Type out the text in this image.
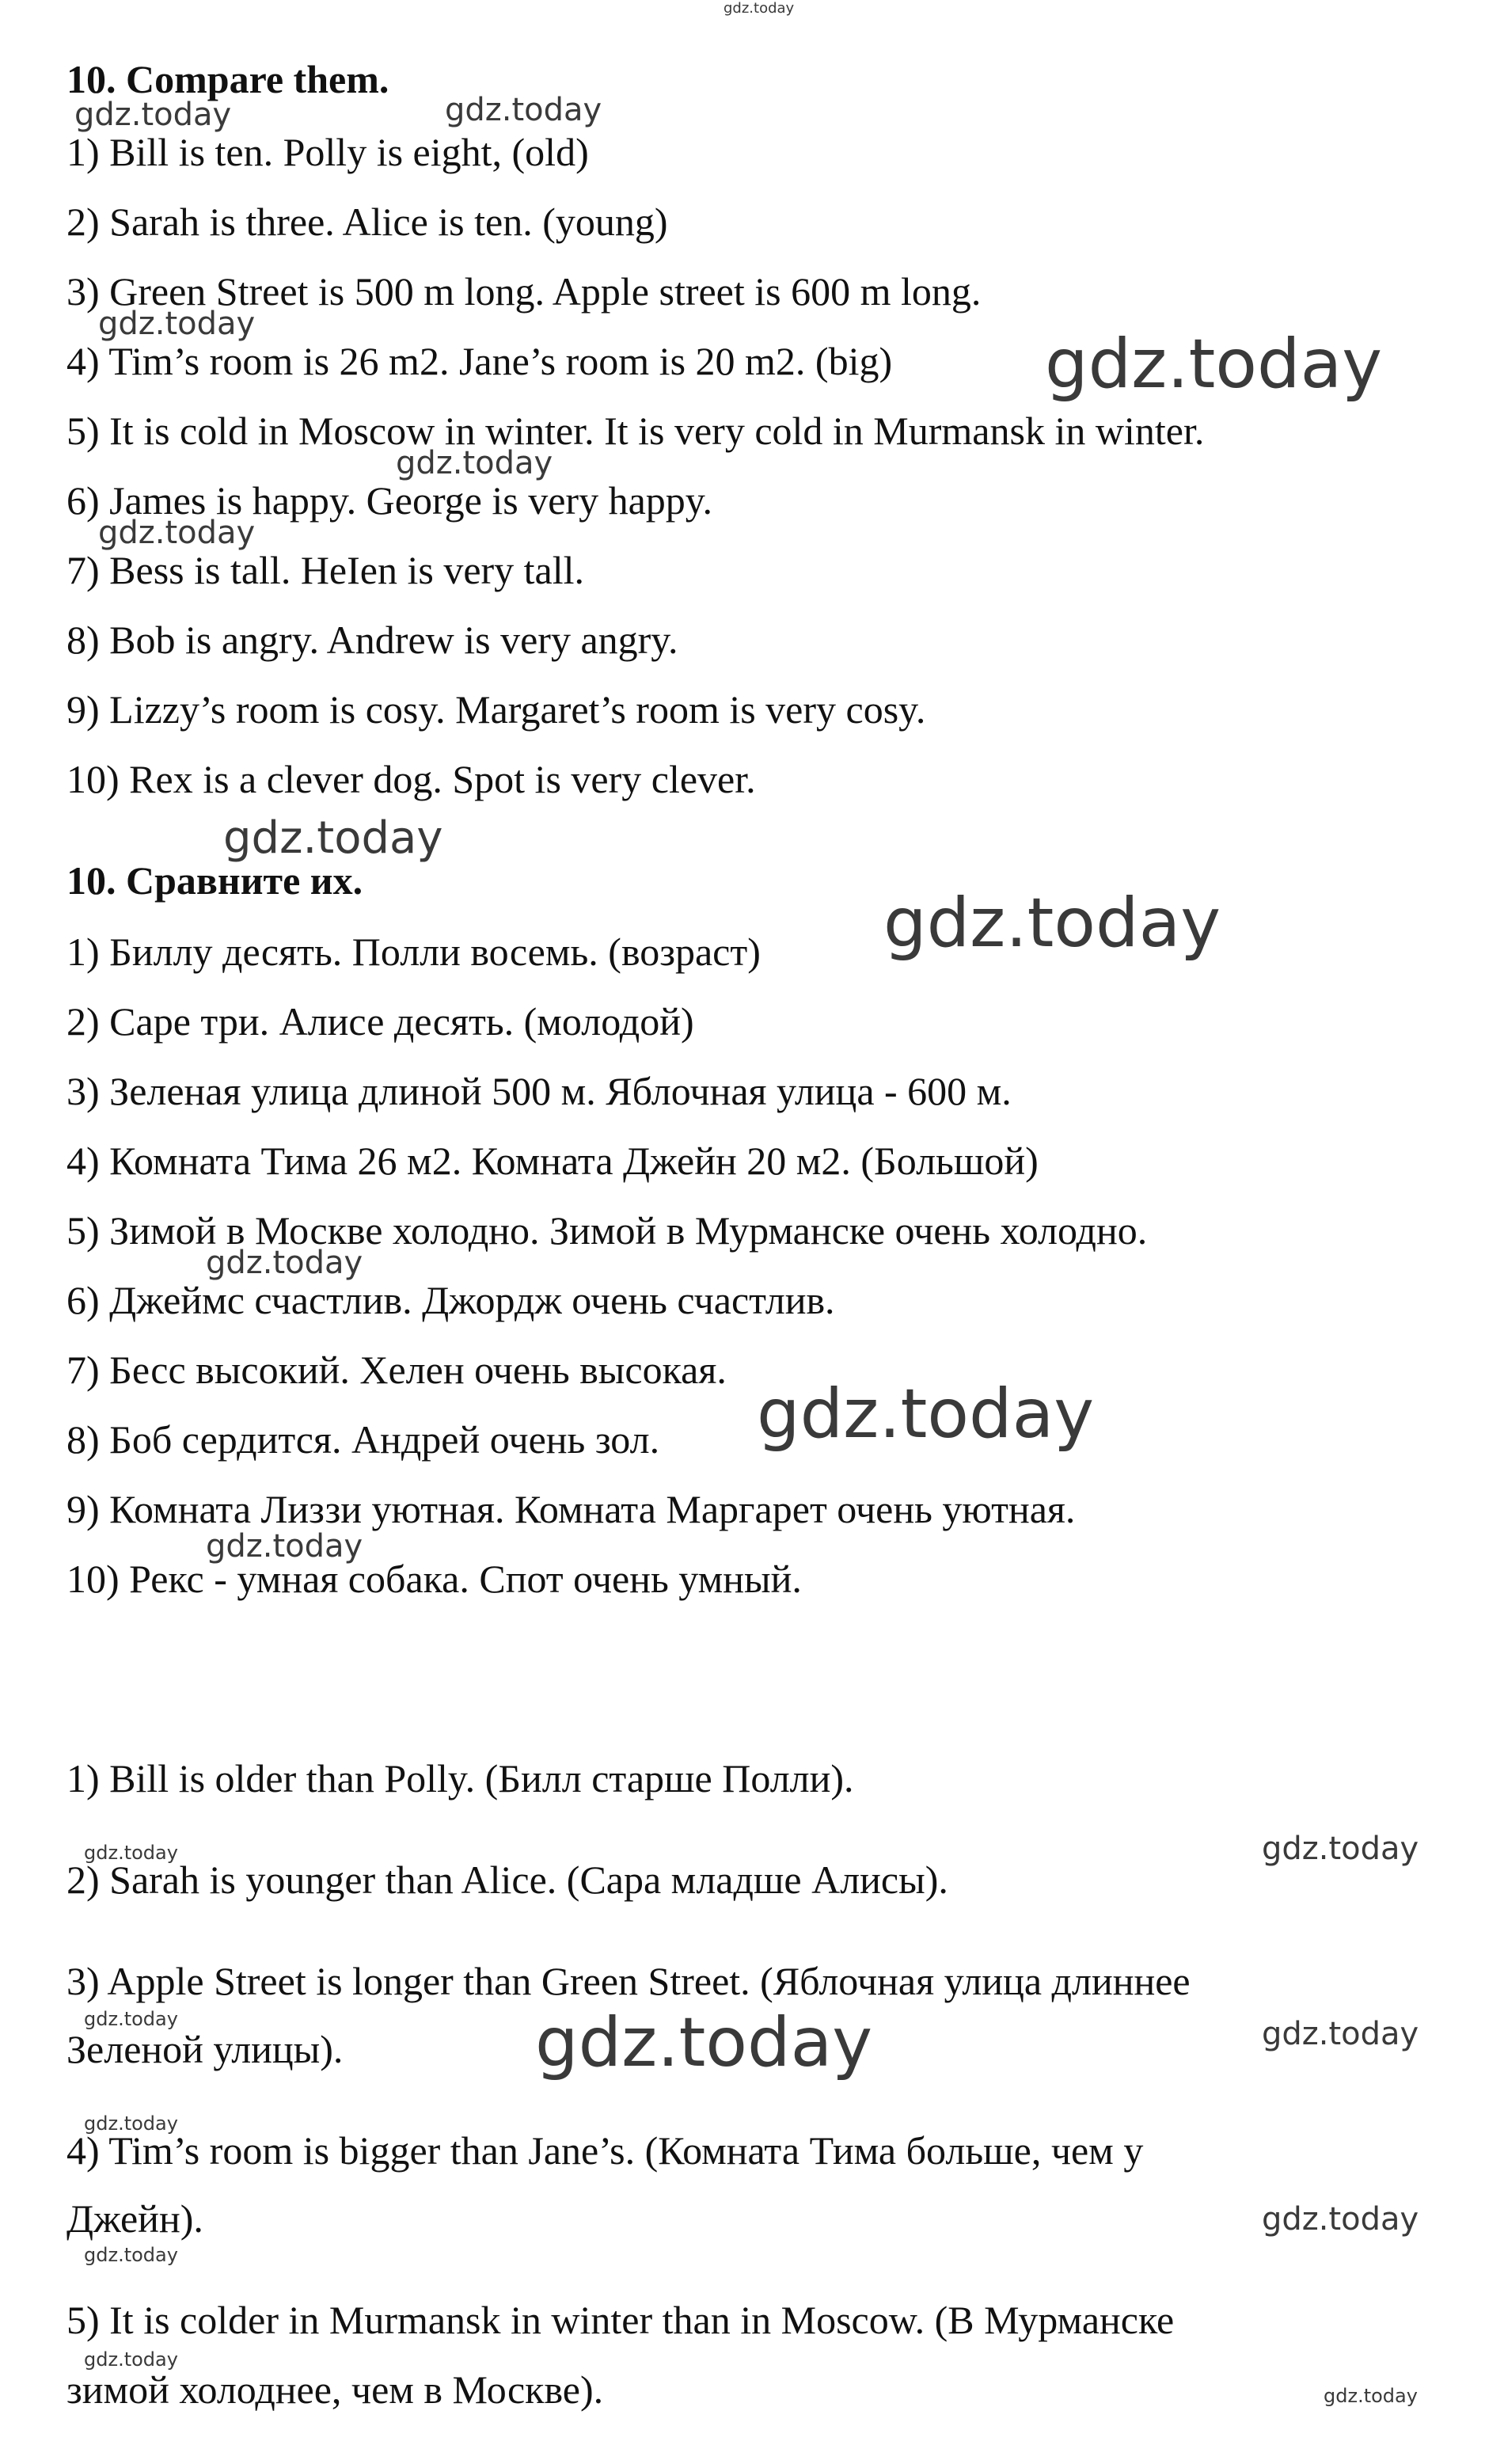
10. Compare them.
1) Bill is ten. Polly is eight, (old)
2) Sarah is three. Alice is ten. (young)
3) Green Street is 500 m long. Apple street is 600 m long.
4) Tim’s room is 26 m2. Jane’s room is 20 m2. (big)
5) It is cold in Moscow in winter. It is very cold in Murmansk in winter.
6) James is happy. George is very happy.
7) Bess is tall. HeIen is very tall.
8) Bob is angry. Andrew is very angry.
9) Lizzy’s room is cosy. Margaret’s room is very cosy.
10) Rex is a clever dog. Spot is very clever.
10. Сравните их.
1) Биллу десять. Полли восемь. (возраст)
2) Саре три. Алисе десять. (молодой)
3) Зеленая улица длиной 500 м. Яблочная улица - 600 м.
4) Комната Тима 26 м2. Комната Джейн 20 м2. (Большой)
5) Зимой в Москве холодно. Зимой в Мурманске очень холодно.
6) Джеймс счастлив. Джордж очень счастлив.
7) Бесс высокий. Хелен очень высокая.
8) Боб сердится. Андрей очень зол.
9) Комната Лиззи уютная. Комната Маргарет очень уютная.
10) Рекс - умная собака. Спот очень умный.
1) Bill is older than Polly. (Билл старше Полли).
2) Sarah is younger than Alice. (Сара младше Алисы).
3) Apple Street is longer than Green Street. (Яблочная улица длиннее
Зеленой улицы).
4) Tim’s room is bigger than Jane’s. (Комната Тима больше, чем у
Джейн).
5) It is colder in Murmansk in winter than in Moscow. (В Мурманске
зимой холоднее, чем в Москве).
gdz.today
gdz.today	gdz.today
gdz.today
gdz.today
gdz.today
gdz.today
gdz.today
gdz.today
gdz.today
gdz.today
gdz.today
gdz.today	gdz.today
gdz.today	gdz.today	gdz.today
gdz.today
gdz.today
gdz.today
gdz.today
gdz.today
